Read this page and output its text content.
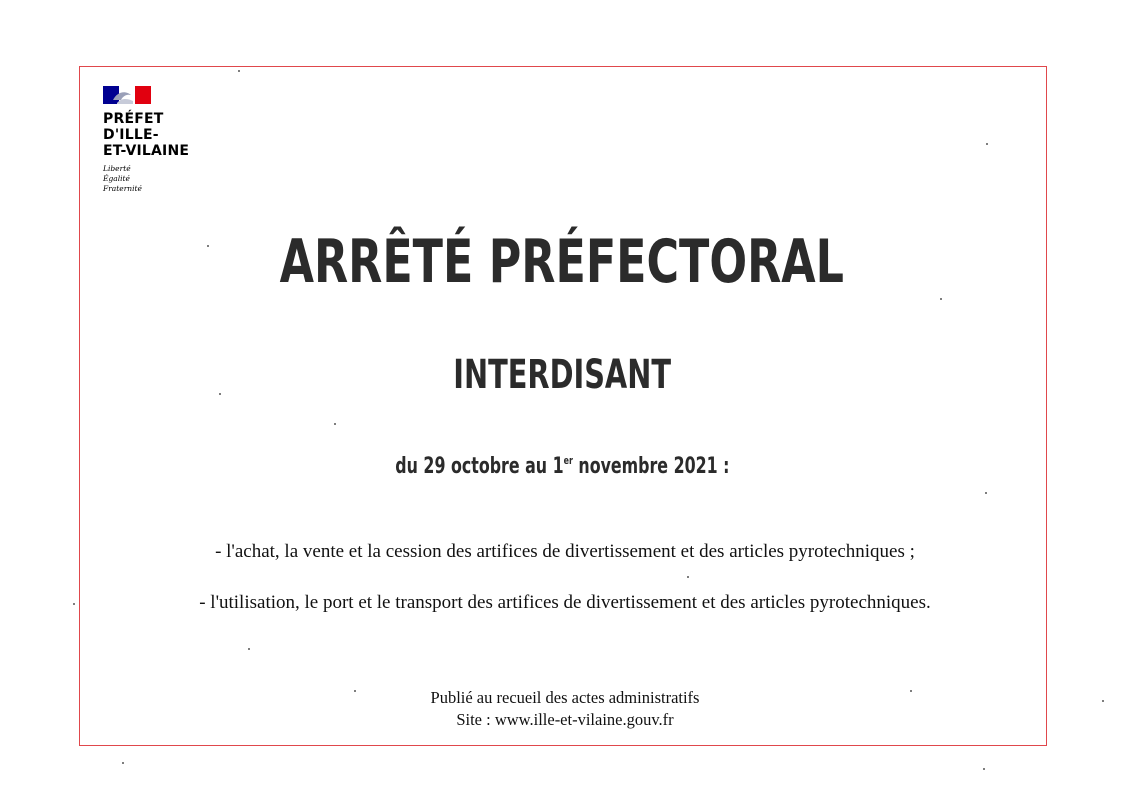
PRÉFET
D'ILLE-
ET-VILAINE
Liberté
Égalité
Fraternité
ARRÊTÉ PRÉFECTORAL
INTERDISANT
du 29 octobre au 1er novembre 2021 :
- l'achat, la vente et la cession des artifices de divertissement et des articles pyrotechniques ;
- l'utilisation, le port et le transport des artifices de divertissement et des articles pyrotechniques.
Publié au recueil des actes administratifs
Site : www.ille-et-vilaine.gouv.fr
